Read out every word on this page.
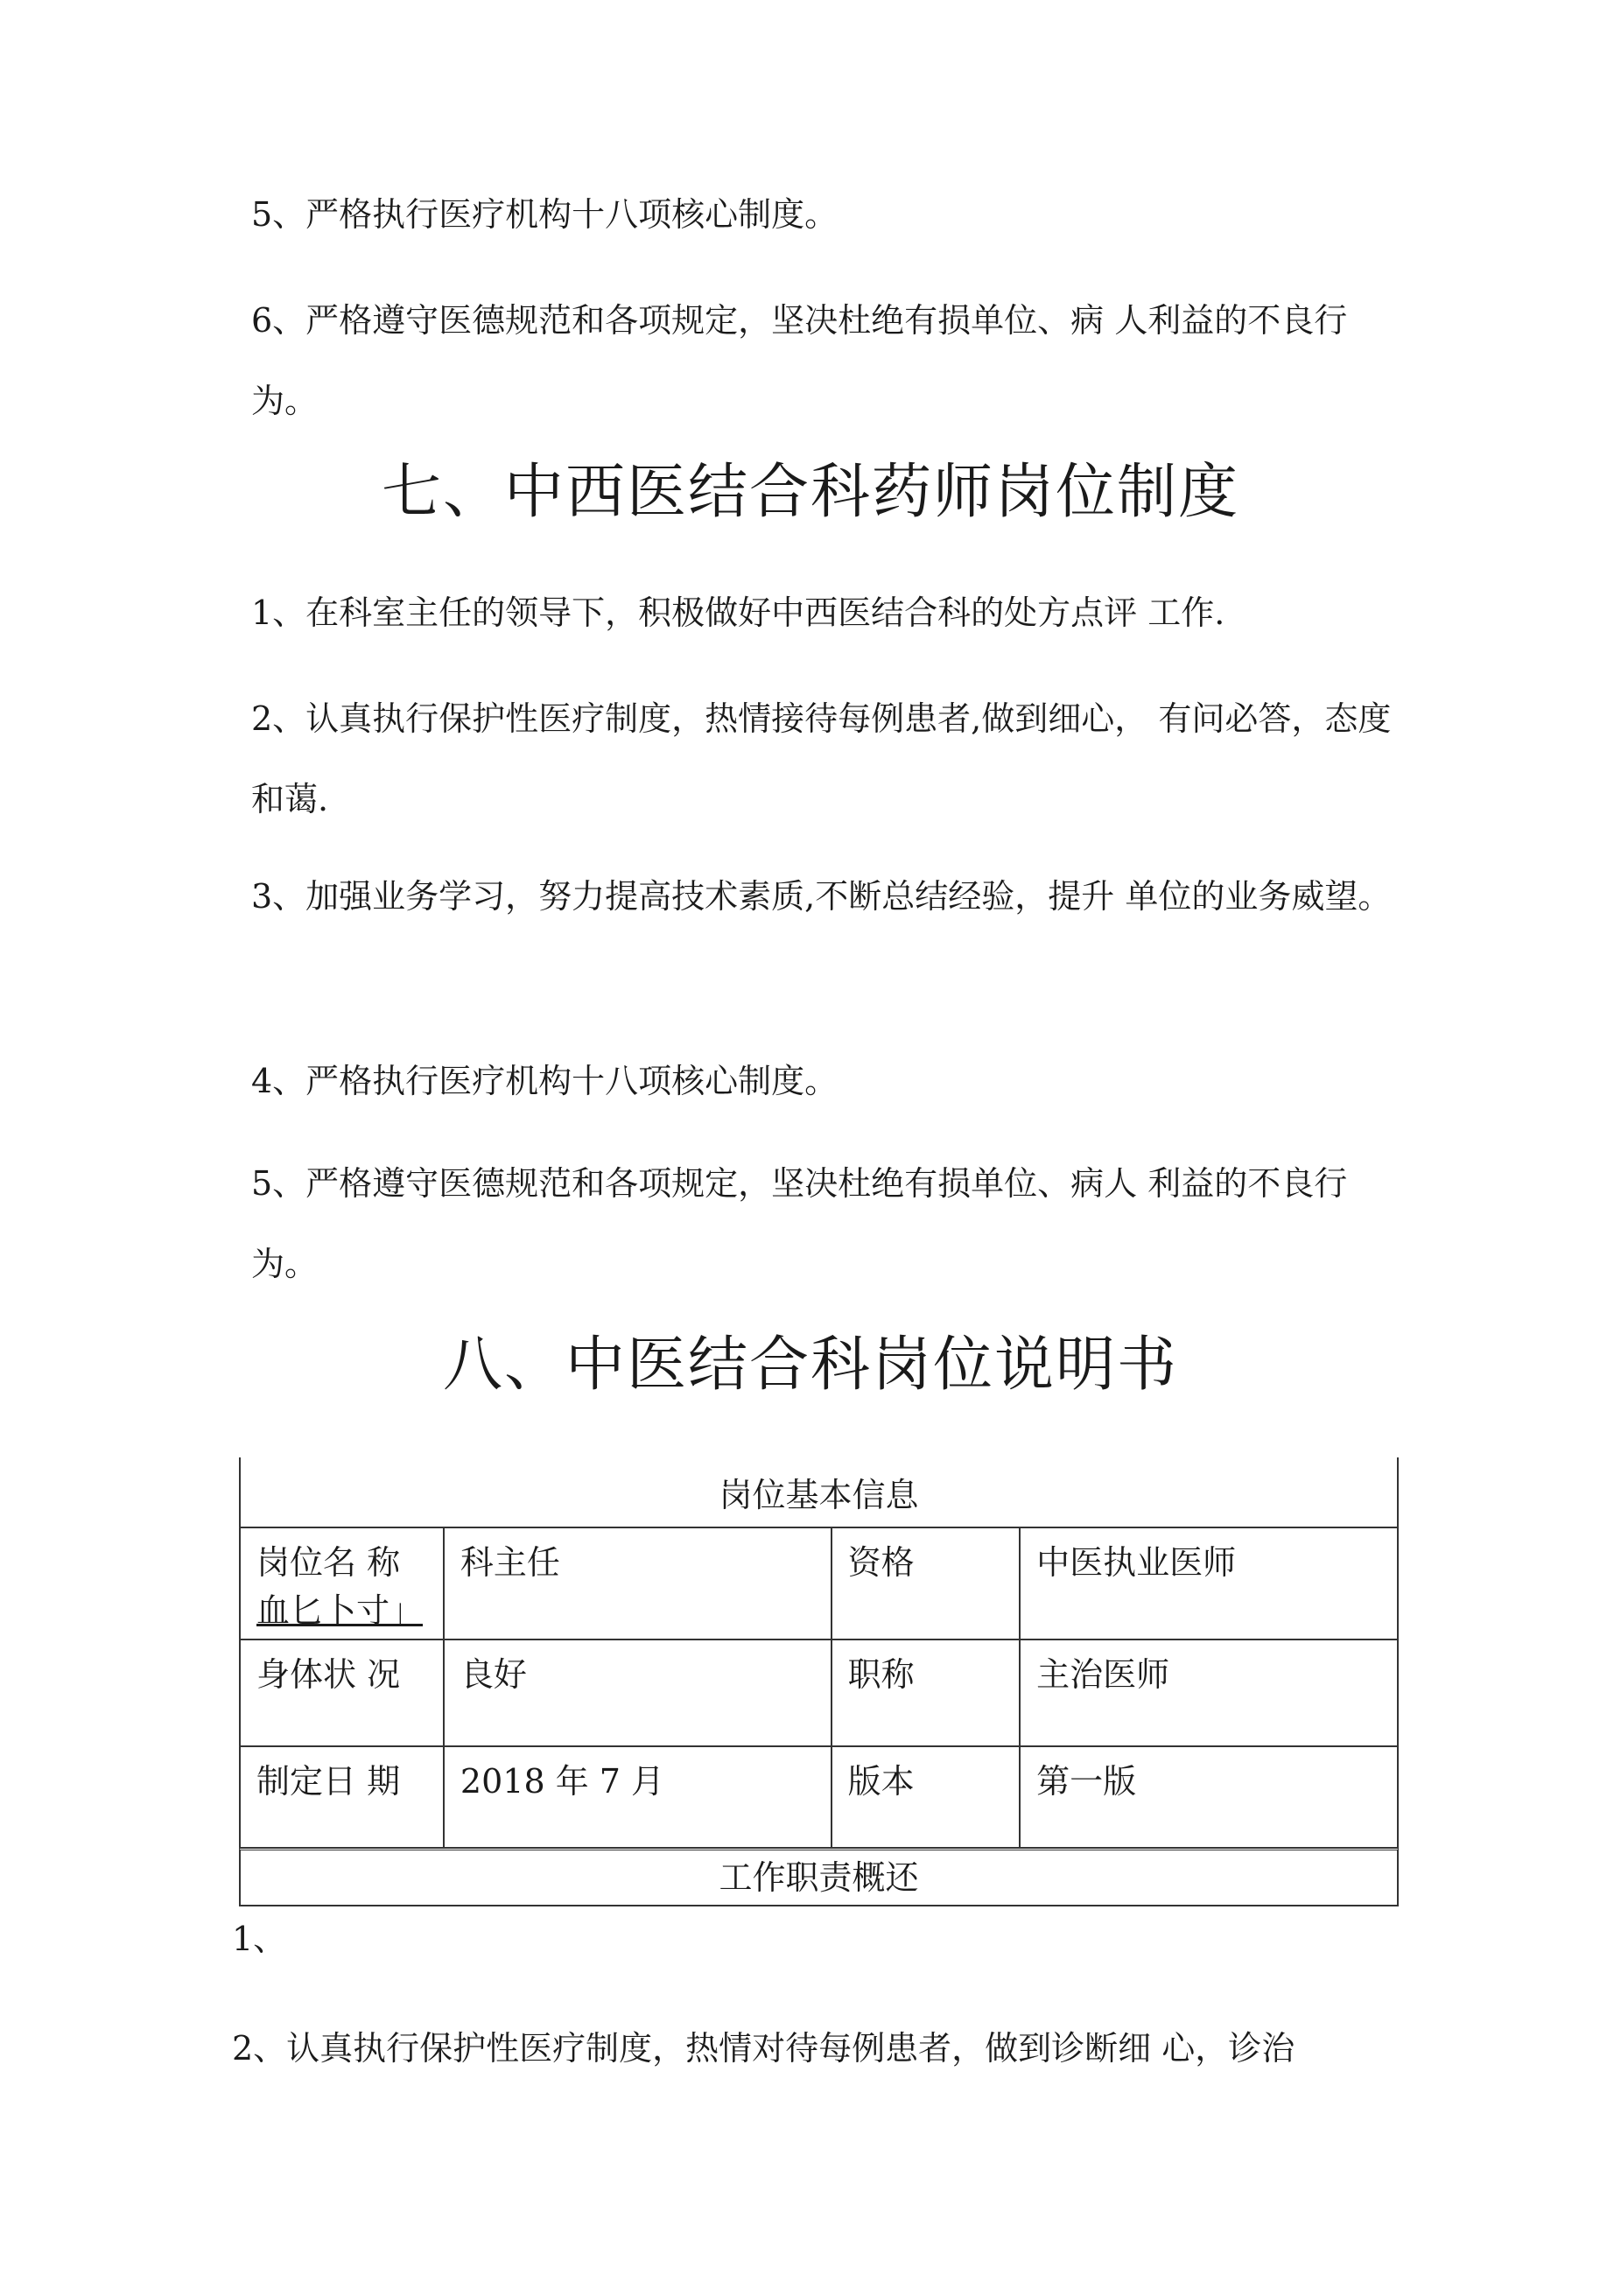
5、严格执行医疗机构十八项核心制度。

6、严格遵守医德规范和各项规定，坚决杜绝有损单位、病 人利益的不良行为。

七、中西医结合科药师岗位制度

1、在科室主任的领导下，积极做好中西医结合科的处方点评 工作.

2、认真执行保护性医疗制度，热情接待每例患者,做到细心， 有问必答，态度和蔼.

3、加强业务学习，努力提高技术素质,不断总结经验，提升 单位的业务威望。

4、严格执行医疗机构十八项核心制度。

5、严格遵守医德规范和各项规定，坚决杜绝有损单位、病人 利益的不良行为。

八、中医结合科岗位说明书
岗位基本信息			

岗位名 称
血匕卜寸」	科主任	资格	中医执业医师
身体状 况	良好	职称	主治医师
制定日 期	2018 年 7 月	版本	第一版
工作职责概还

1、

2、认真执行保护性医疗制度，热情对待每例患者，做到诊断细 心，诊治
